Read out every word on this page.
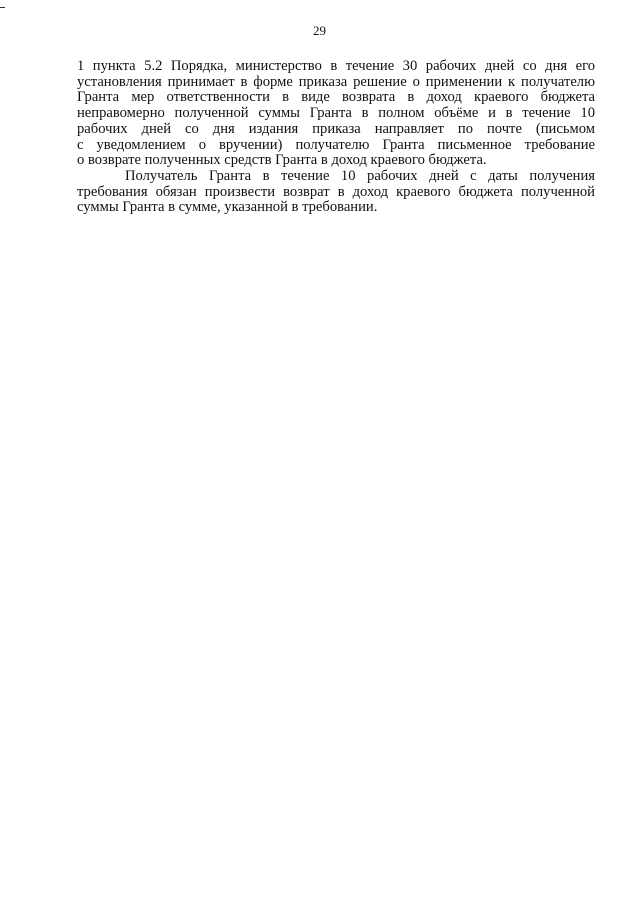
29

1 пункта 5.2 Порядка, министерство в течение 30 рабочих дней со дня его
установления принимает в форме приказа решение о применении к получателю
Гранта мер ответственности в виде возврата в доход краевого бюджета
неправомерно полученной суммы Гранта в полном объёме и в течение 10
рабочих дней со дня издания приказа направляет по почте (письмом
с уведомлением о вручении) получателю Гранта письменное требование
о возврате полученных средств Гранта в доход краевого бюджета.

Получатель Гранта в течение 10 рабочих дней с даты получения
требования обязан произвести возврат в доход краевого бюджета полученной
суммы Гранта в сумме, указанной в требовании.
